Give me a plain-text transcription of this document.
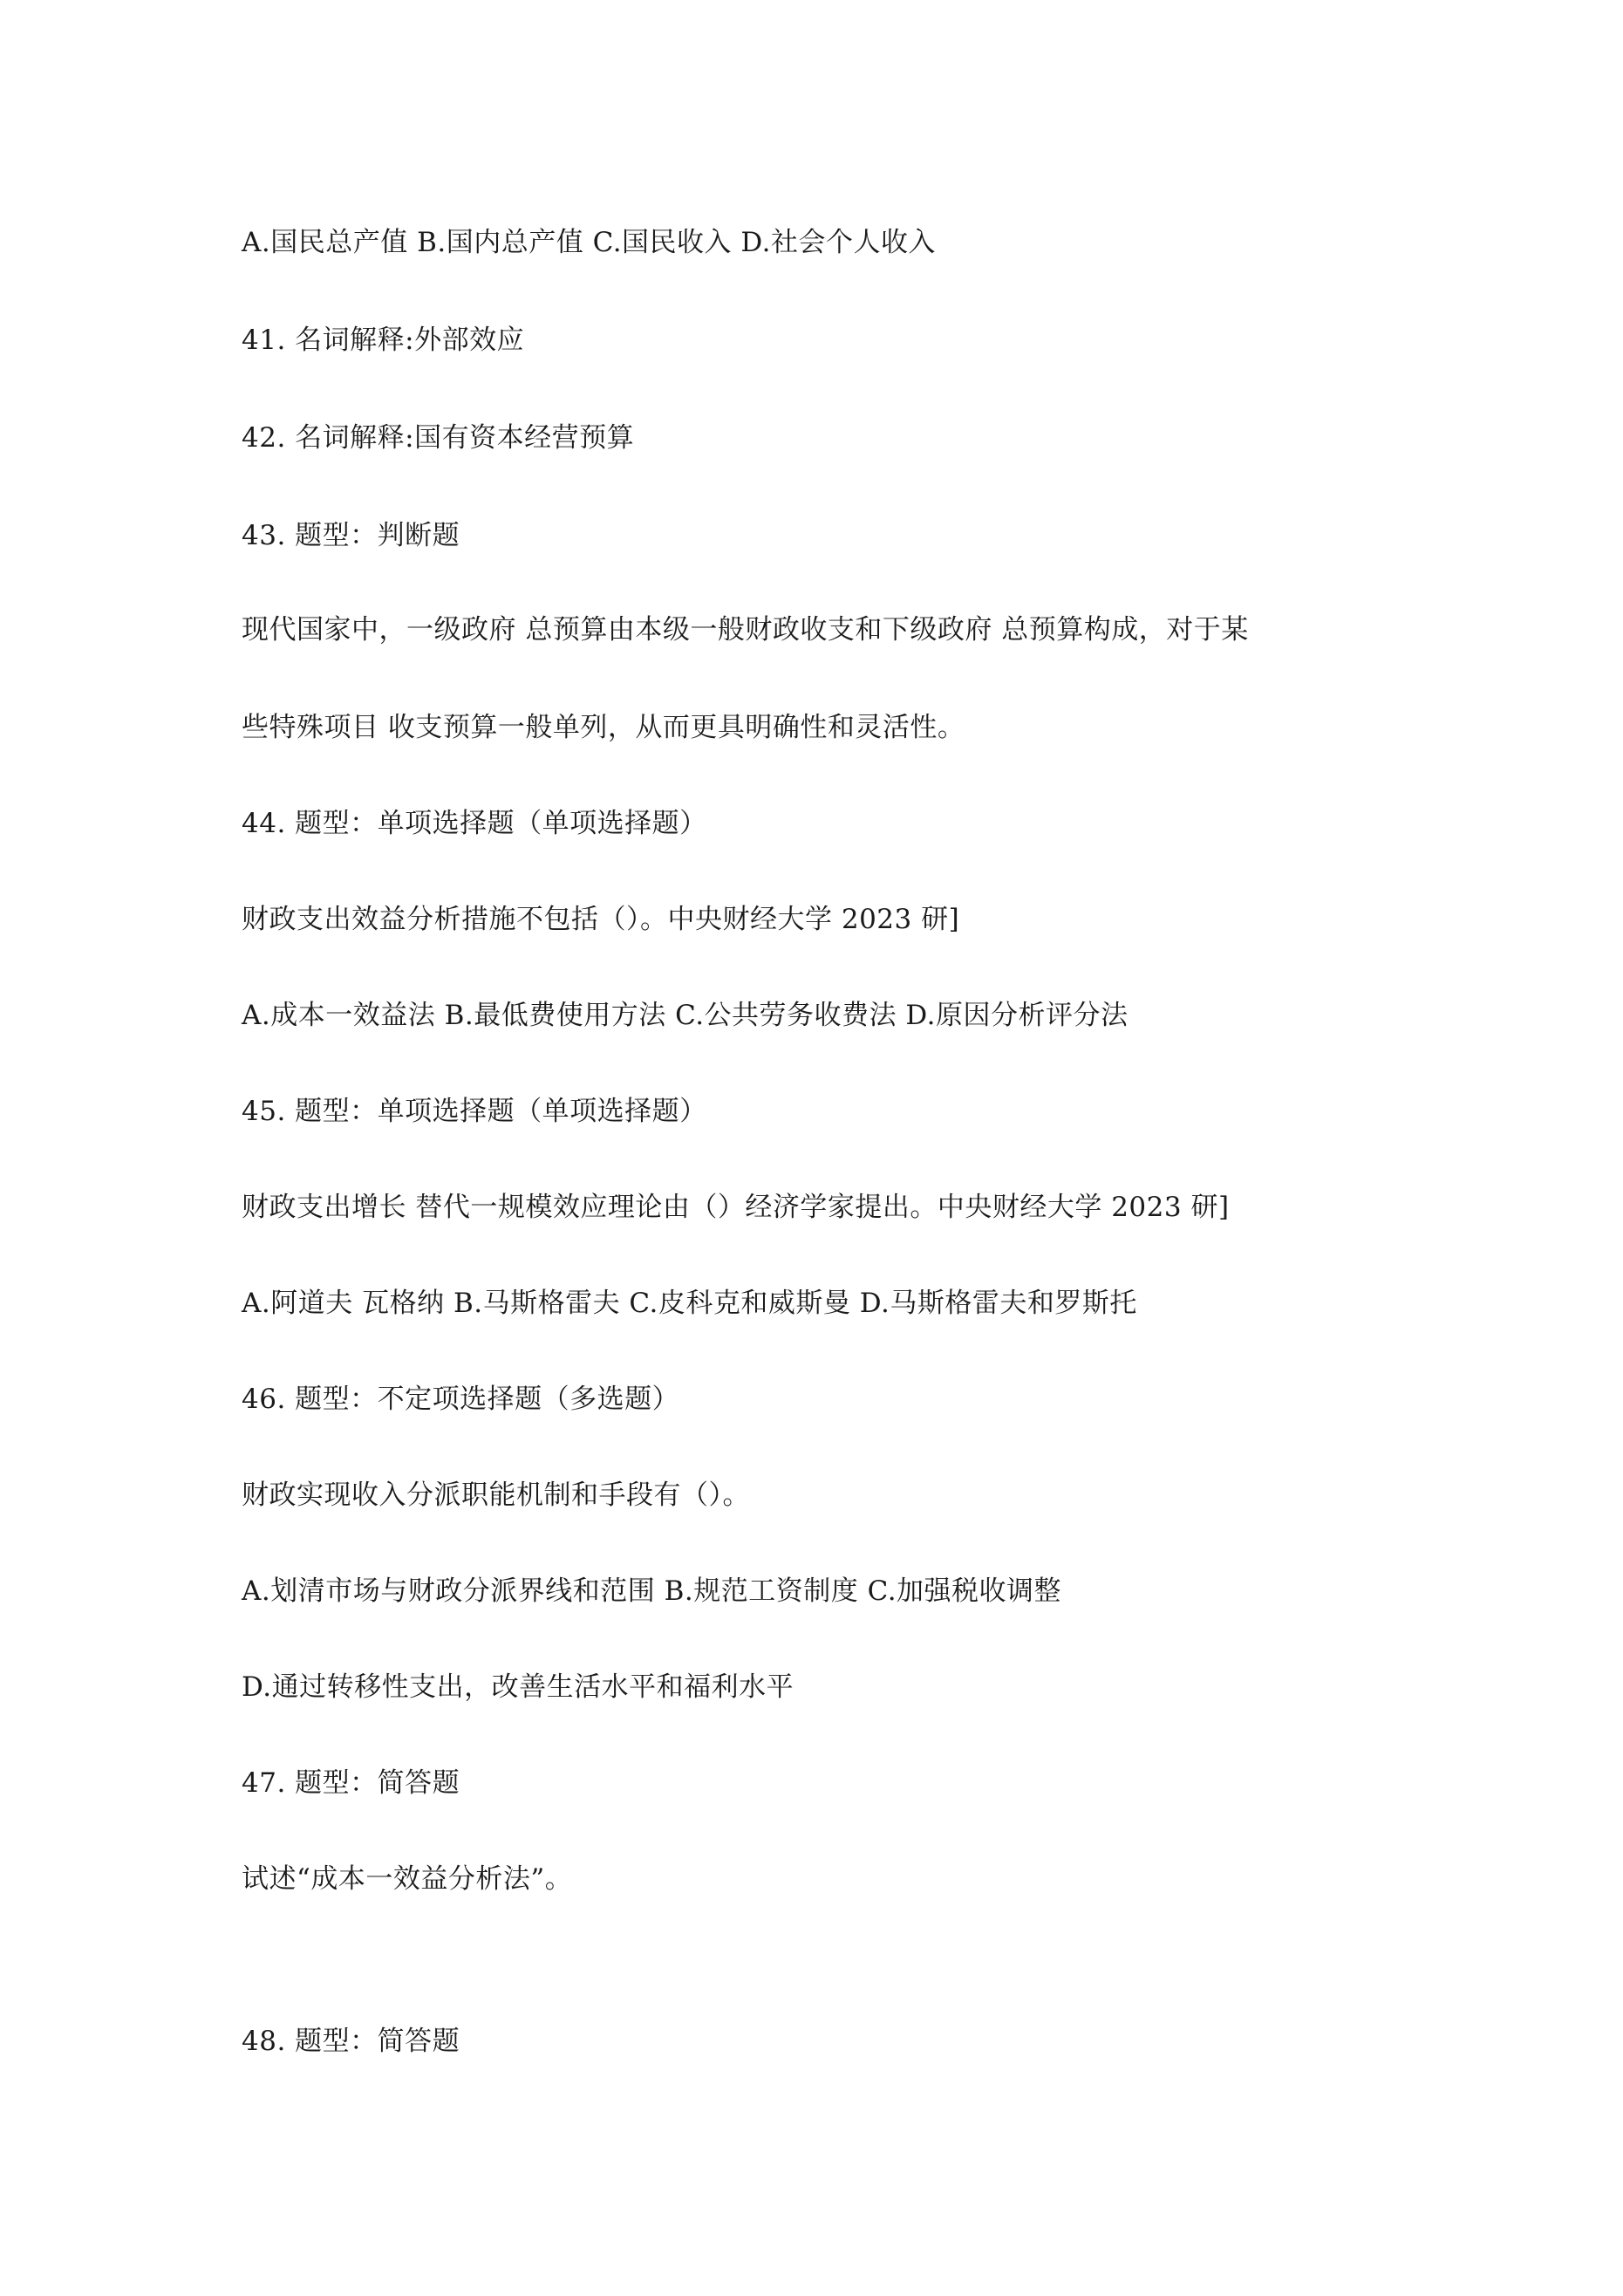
A.国民总产值 B.国内总产值 C.国民收入 D.社会个人收入

41. 名词解释:外部效应

42. 名词解释:国有资本经营预算

43. 题型：判断题

现代国家中，一级政府 总预算由本级一般财政收支和下级政府 总预算构成，对于某

些特殊项目 收支预算一般单列，从而更具明确性和灵活性。

44. 题型：单项选择题（单项选择题）

财政支出效益分析措施不包括（）。中央财经大学 2023 研]

A.成本一效益法 B.最低费使用方法 C.公共劳务收费法 D.原因分析评分法

45. 题型：单项选择题（单项选择题）

财政支出增长 替代一规模效应理论由（）经济学家提出。中央财经大学 2023 研]

A.阿道夫 瓦格纳 B.马斯格雷夫 C.皮科克和威斯曼 D.马斯格雷夫和罗斯托

46. 题型：不定项选择题（多选题）

财政实现收入分派职能机制和手段有（）。

A.划清市场与财政分派界线和范围 B.规范工资制度 C.加强税收调整

D.通过转移性支出，改善生活水平和福利水平

47. 题型：简答题

试述“成本一效益分析法”。

48. 题型：简答题
